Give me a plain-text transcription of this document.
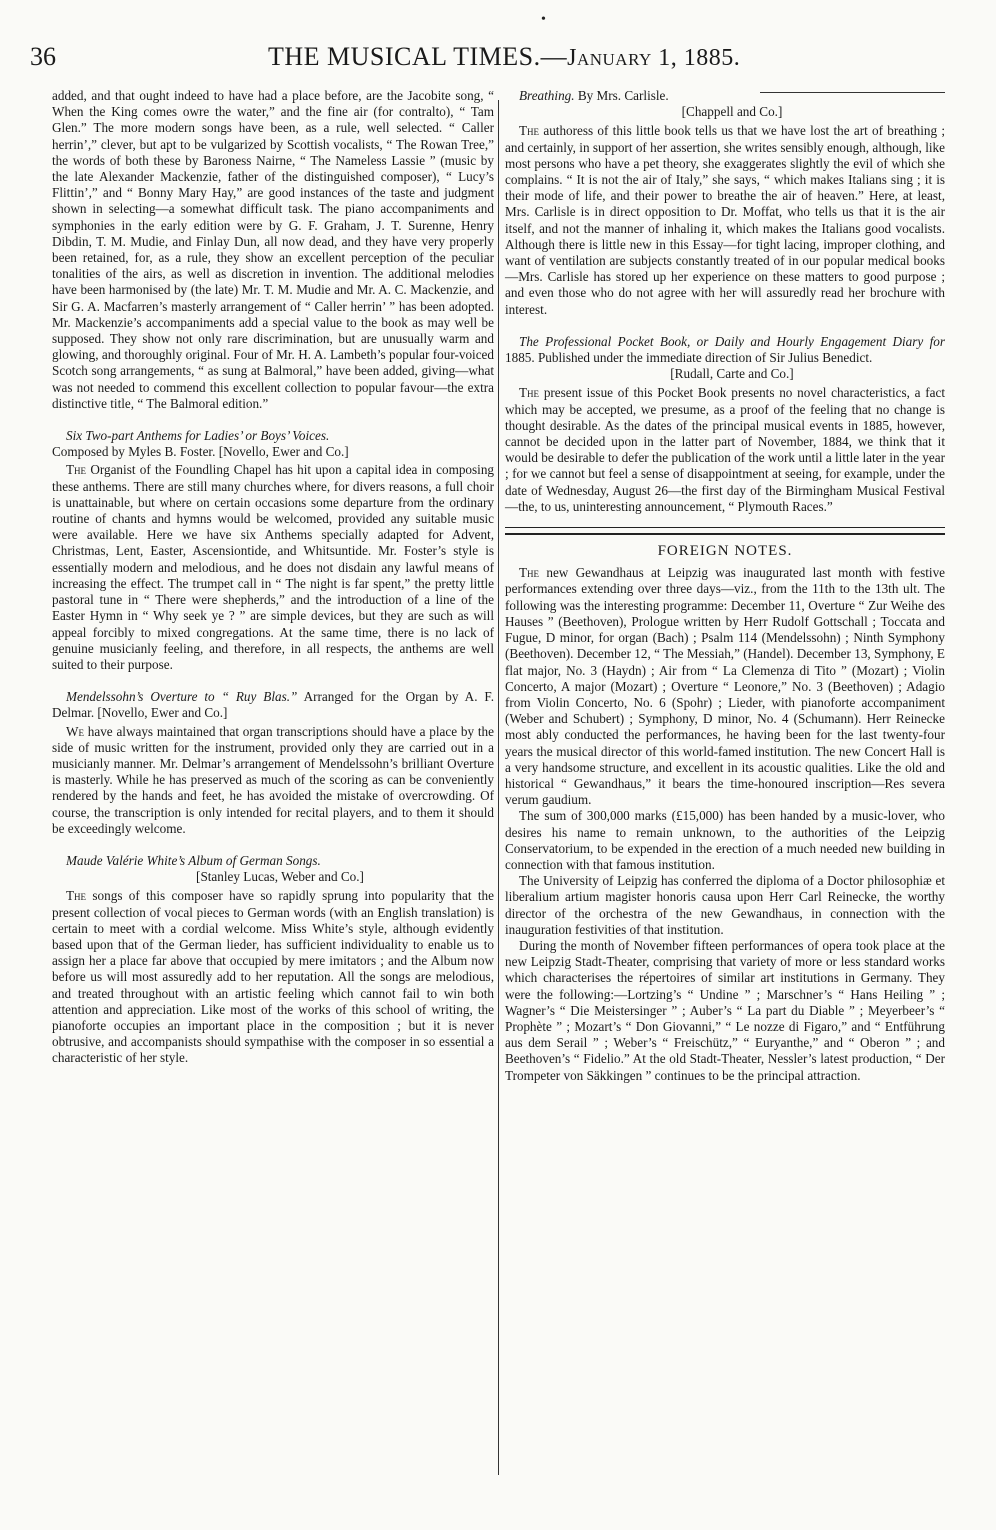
•
36	THE MUSICAL TIMES.—January 1, 1885.

added, and that ought indeed to have had a place before, are the Jacobite song, “ When the King comes owre the water,” and the fine air (for contralto), “ Tam Glen.” The more modern songs have been, as a rule, well selected. “ Caller herrin’,” clever, but apt to be vulgarized by Scottish vocalists, “ The Rowan Tree,” the words of both these by Baroness Nairne, “ The Nameless Lassie ” (music by the late Alexander Mackenzie, father of the distinguished composer), “ Lucy’s Flittin’,” and “ Bonny Mary Hay,” are good instances of the taste and judgment shown in selecting—a somewhat difficult task. The piano accompaniments and symphonies in the early edition were by G. F. Graham, J. T. Surenne, Henry Dibdin, T. M. Mudie, and Finlay Dun, all now dead, and they have very properly been retained, for, as a rule, they show an excellent perception of the peculiar tonalities of the airs, as well as discretion in invention. The additional melodies have been harmonised by (the late) Mr. T. M. Mudie and Mr. A. C. Mackenzie, and Sir G. A. Macfarren’s masterly arrangement of “ Caller herrin’ ” has been adopted. Mr. Mackenzie’s accompaniments add a special value to the book as may well be supposed. They show not only rare discrimination, but are unusually warm and glowing, and thoroughly original. Four of Mr. H. A. Lambeth’s popular four-voiced Scotch song arrangements, “ as sung at Balmoral,” have been added, giving—what was not needed to commend this excellent collection to popular favour—the extra distinctive title, “ The Balmoral edition.”

Six Two-part Anthems for Ladies’ or Boys’ Voices.
Composed by Myles B. Foster. [Novello, Ewer and Co.]

The Organist of the Foundling Chapel has hit upon a capital idea in composing these anthems. There are still many churches where, for divers reasons, a full choir is unattainable, but where on certain occasions some departure from the ordinary routine of chants and hymns would be welcomed, provided any suitable music were available. Here we have six Anthems specially adapted for Advent, Christmas, Lent, Easter, Ascensiontide, and Whitsuntide. Mr. Foster’s style is essentially modern and melodious, and he does not disdain any lawful means of increasing the effect. The trumpet call in “ The night is far spent,” the pretty little pastoral tune in “ There were shepherds,” and the introduction of a line of the Easter Hymn in “ Why seek ye ? ” are simple devices, but they are such as will appeal forcibly to mixed congregations. At the same time, there is no lack of genuine musicianly feeling, and therefore, in all respects, the anthems are well suited to their purpose.

Mendelssohn’s Overture to “ Ruy Blas.” Arranged for the Organ by A. F. Delmar. [Novello, Ewer and Co.]

We have always maintained that organ transcriptions should have a place by the side of music written for the instrument, provided only they are carried out in a musicianly manner. Mr. Delmar’s arrangement of Mendelssohn’s brilliant Overture is masterly. While he has preserved as much of the scoring as can be conveniently rendered by the hands and feet, he has avoided the mistake of overcrowding. Of course, the transcription is only intended for recital players, and to them it should be exceedingly welcome.

Maude Valérie White’s Album of German Songs.
[Stanley Lucas, Weber and Co.]

The songs of this composer have so rapidly sprung into popularity that the present collection of vocal pieces to German words (with an English translation) is certain to meet with a cordial welcome. Miss White’s style, although evidently based upon that of the German lieder, has sufficient individuality to enable us to assign her a place far above that occupied by mere imitators ; and the Album now before us will most assuredly add to her reputation. All the songs are melodious, and treated throughout with an artistic feeling which cannot fail to win both attention and appreciation. Like most of the works of this school of writing, the pianoforte occupies an important place in the composition ; but it is never obtrusive, and accompanists should sympathise with the composer in so essential a characteristic of her style.

Breathing. By Mrs. Carlisle.
[Chappell and Co.]

The authoress of this little book tells us that we have lost the art of breathing ; and certainly, in support of her assertion, she writes sensibly enough, although, like most persons who have a pet theory, she exaggerates slightly the evil of which she complains. “ It is not the air of Italy,” she says, “ which makes Italians sing ; it is their mode of life, and their power to breathe the air of heaven.” Here, at least, Mrs. Carlisle is in direct opposition to Dr. Moffat, who tells us that it is the air itself, and not the manner of inhaling it, which makes the Italians good vocalists. Although there is little new in this Essay—for tight lacing, improper clothing, and want of ventilation are subjects constantly treated of in our popular medical books—Mrs. Carlisle has stored up her experience on these matters to good purpose ; and even those who do not agree with her will assuredly read her brochure with interest.

The Professional Pocket Book, or Daily and Hourly Engagement Diary for 1885. Published under the immediate direction of Sir Julius Benedict.
[Rudall, Carte and Co.]

The present issue of this Pocket Book presents no novel characteristics, a fact which may be accepted, we presume, as a proof of the feeling that no change is thought desirable. As the dates of the principal musical events in 1885, however, cannot be decided upon in the latter part of November, 1884, we think that it would be desirable to defer the publication of the work until a little later in the year ; for we cannot but feel a sense of disappointment at seeing, for example, under the date of Wednesday, August 26—the first day of the Birmingham Musical Festival—the, to us, uninteresting announcement, “ Plymouth Races.”

FOREIGN NOTES.

The new Gewandhaus at Leipzig was inaugurated last month with festive performances extending over three days—viz., from the 11th to the 13th ult. The following was the interesting programme: December 11, Overture “ Zur Weihe des Hauses ” (Beethoven), Prologue written by Herr Rudolf Gottschall ; Toccata and Fugue, D minor, for organ (Bach) ; Psalm 114 (Mendelssohn) ; Ninth Symphony (Beethoven). December 12, “ The Messiah,” (Handel). December 13, Symphony, E flat major, No. 3 (Haydn) ; Air from “ La Clemenza di Tito ” (Mozart) ; Violin Concerto, A major (Mozart) ; Overture “ Leonore,” No. 3 (Beethoven) ; Adagio from Violin Concerto, No. 6 (Spohr) ; Lieder, with pianoforte accompaniment (Weber and Schubert) ; Symphony, D minor, No. 4 (Schumann). Herr Reinecke most ably conducted the performances, he having been for the last twenty-four years the musical director of this world-famed institution. The new Concert Hall is a very handsome structure, and excellent in its acoustic qualities. Like the old and historical “ Gewandhaus,” it bears the time-honoured inscription—Res severa verum gaudium.

The sum of 300,000 marks (£15,000) has been handed by a music-lover, who desires his name to remain unknown, to the authorities of the Leipzig Conservatorium, to be expended in the erection of a much needed new building in connection with that famous institution.

The University of Leipzig has conferred the diploma of a Doctor philosophiæ et liberalium artium magister honoris causa upon Herr Carl Reinecke, the worthy director of the orchestra of the new Gewandhaus, in connection with the inauguration festivities of that institution.

During the month of November fifteen performances of opera took place at the new Leipzig Stadt-Theater, comprising that variety of more or less standard works which characterises the répertoires of similar art institutions in Germany. They were the following:—Lortzing’s “ Undine ” ; Marschner’s “ Hans Heiling ” ; Wagner’s “ Die Meistersinger ” ; Auber’s “ La part du Diable ” ; Meyerbeer’s “ Prophète ” ; Mozart’s “ Don Giovanni,” “ Le nozze di Figaro,” and “ Entführung aus dem Serail ” ; Weber’s “ Freischütz,” “ Euryanthe,” and “ Oberon ” ; and Beethoven’s “ Fidelio.” At the old Stadt-Theater, Nessler’s latest production, “ Der Trompeter von Säkkingen ” continues to be the principal attraction.
